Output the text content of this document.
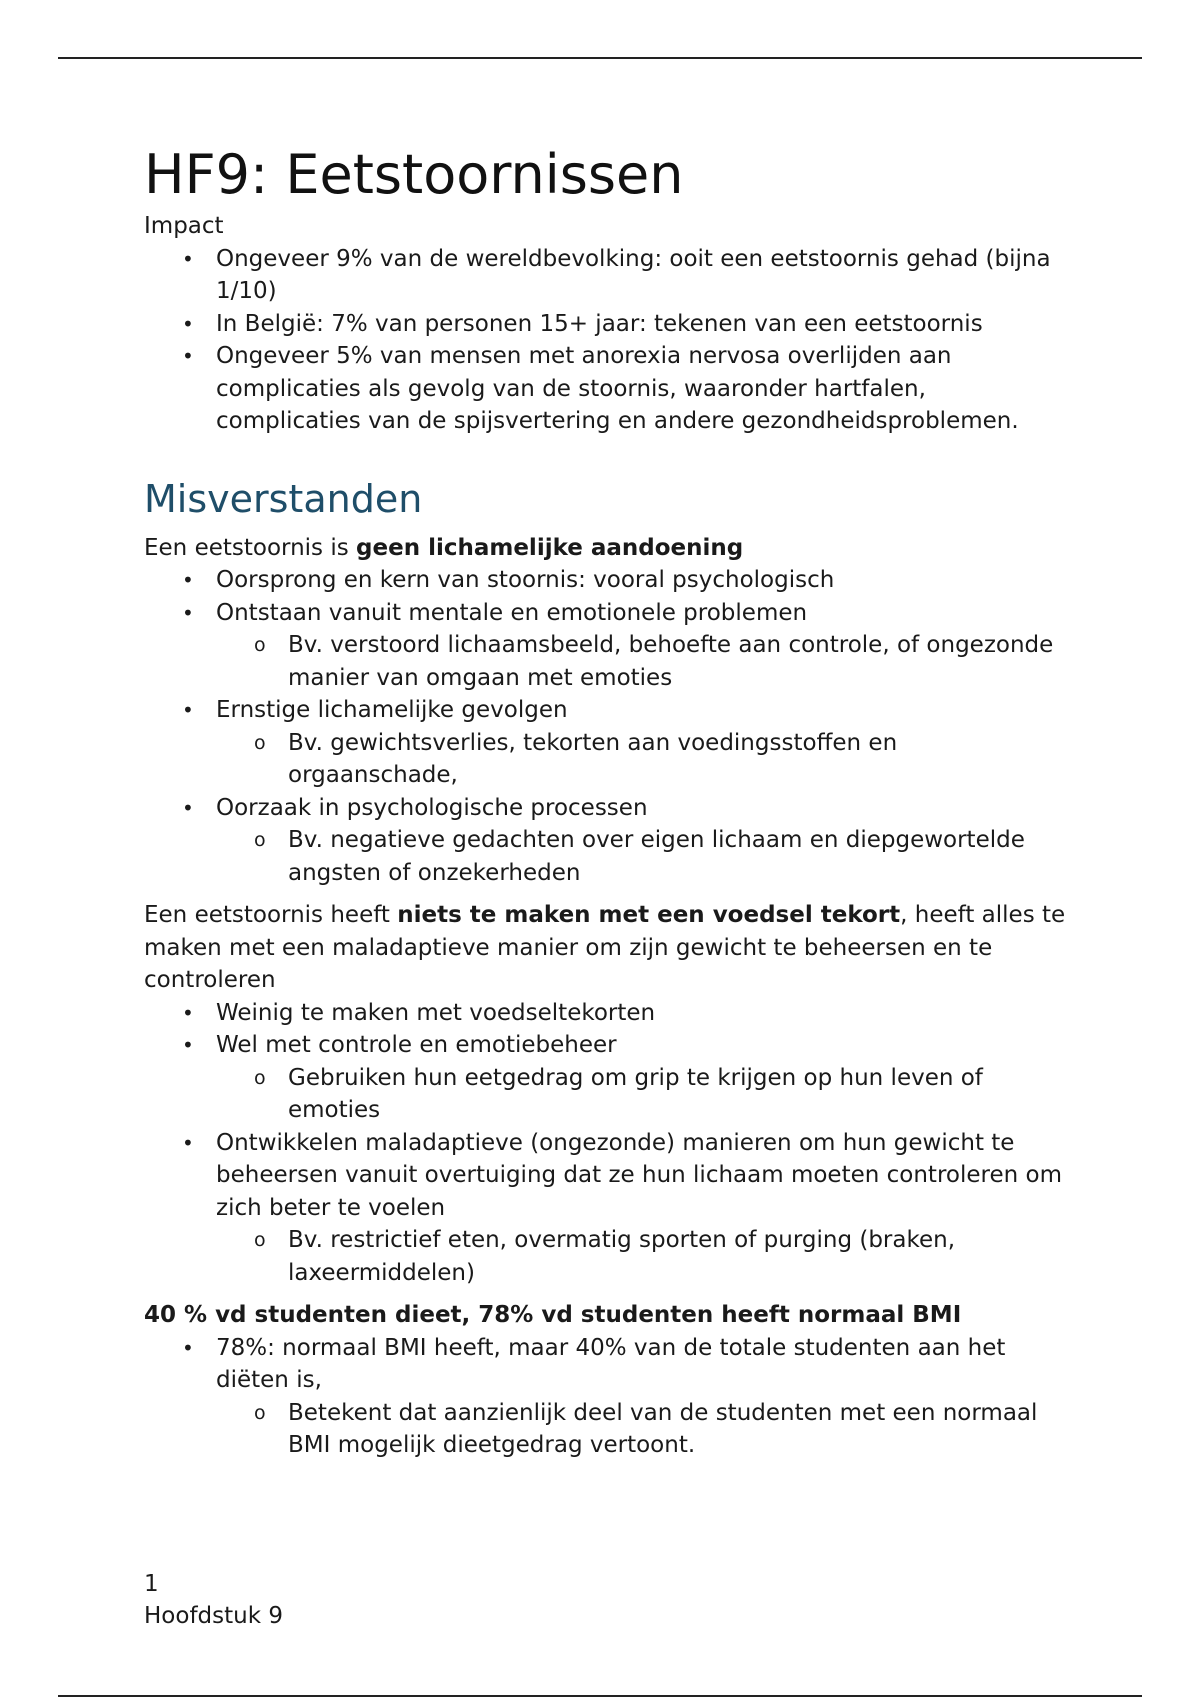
HF9: Eetstoornissen

Impact

• Ongeveer 9% van de wereldbevolking: ooit een eetstoornis gehad (bijna 1/10)
• In België: 7% van personen 15+ jaar: tekenen van een eetstoornis
• Ongeveer 5% van mensen met anorexia nervosa overlijden aan complicaties als gevolg van de stoornis, waaronder hartfalen, complicaties van de spijsvertering en andere gezondheidsproblemen.
Misverstanden

Een eetstoornis is geen lichamelijke aandoening

• Oorsprong en kern van stoornis: vooral psychologisch
• Ontstaan vanuit mentale en emotionele problemen
o Bv. verstoord lichaamsbeeld, behoefte aan controle, of ongezonde manier van omgaan met emoties
• Ernstige lichamelijke gevolgen
o Bv. gewichtsverlies, tekorten aan voedingsstoffen en orgaanschade,
• Oorzaak in psychologische processen
o Bv. negatieve gedachten over eigen lichaam en diepgewortelde angsten of onzekerheden

Een eetstoornis heeft niets te maken met een voedsel tekort, heeft alles te maken met een maladaptieve manier om zijn gewicht te beheersen en te controleren

• Weinig te maken met voedseltekorten
• Wel met controle en emotiebeheer
o Gebruiken hun eetgedrag om grip te krijgen op hun leven of emoties
• Ontwikkelen maladaptieve (ongezonde) manieren om hun gewicht te beheersen vanuit overtuiging dat ze hun lichaam moeten controleren om zich beter te voelen
o Bv. restrictief eten, overmatig sporten of purging (braken, laxeermiddelen)

40 % vd studenten dieet, 78% vd studenten heeft normaal BMI

• 78%: normaal BMI heeft, maar 40% van de totale studenten aan het diëten is,
o Betekent dat aanzienlijk deel van de studenten met een normaal BMI mogelijk dieetgedrag vertoont.
1
Hoofdstuk 9
